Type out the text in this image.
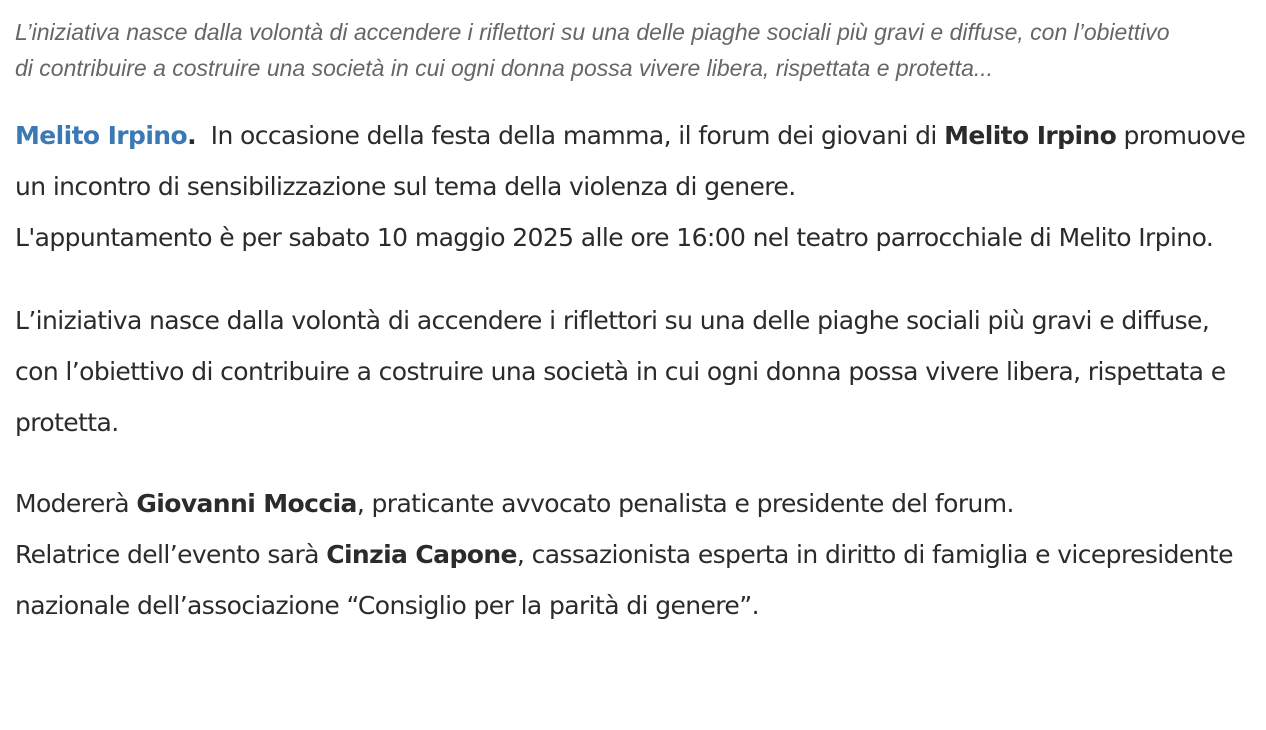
L’iniziativa nasce dalla volontà di accendere i riflettori su una delle piaghe sociali più gravi e diffuse, con l’obiettivo di contribuire a costruire una società in cui ogni donna possa vivere libera, rispettata e protetta...

Melito Irpino.  In occasione della festa della mamma, il forum dei giovani di Melito Irpino promuove un incontro di sensibilizzazione sul tema della violenza di genere.
L'appuntamento è per sabato 10 maggio 2025 alle ore 16:00 nel teatro parrocchiale di Melito Irpino.

L’iniziativa nasce dalla volontà di accendere i riflettori su una delle piaghe sociali più gravi e diffuse, con l’obiettivo di contribuire a costruire una società in cui ogni donna possa vivere libera, rispettata e protetta.

Modererà Giovanni Moccia, praticante avvocato penalista e presidente del forum.
Relatrice dell’evento sarà Cinzia Capone, cassazionista esperta in diritto di famiglia e vicepresidente nazionale dell’associazione “Consiglio per la parità di genere”.
